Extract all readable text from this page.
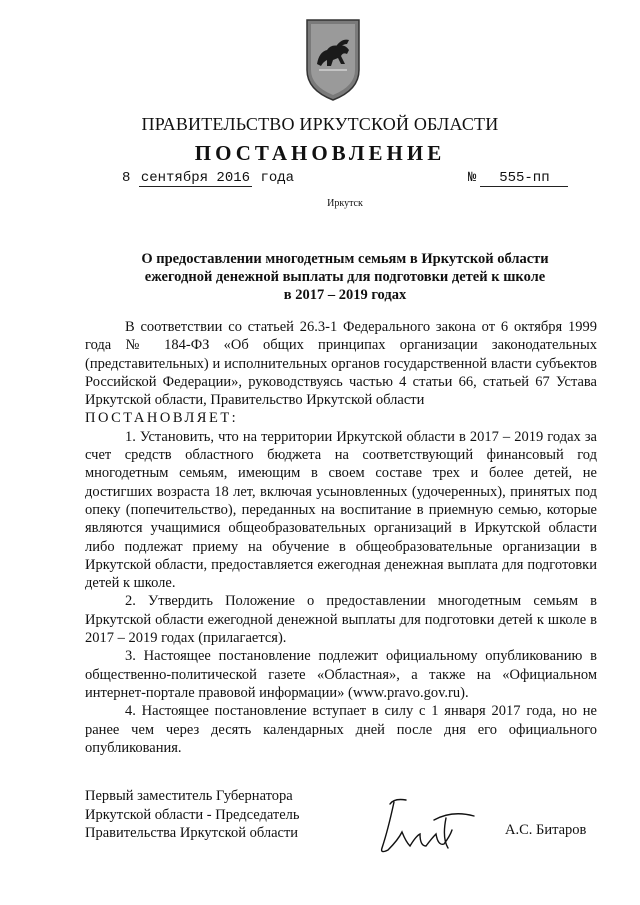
ПРАВИТЕЛЬСТВО ИРКУТСКОЙ ОБЛАСТИ
ПОСТАНОВЛЕНИЕ
8 сентября 2016 года	№ 555-пп
Иркутск
О предоставлении многодетным семьям в Иркутской области
ежегодной денежной выплаты для подготовки детей к школе
в 2017 – 2019 годах

В соответствии со статьей 26.3-1 Федерального закона от 6 октября 1999 года № 184-ФЗ «Об общих принципах организации законодательных (представительных) и исполнительных органов государственной власти субъектов Российской Федерации», руководствуясь частью 4 статьи 66, статьей 67 Устава Иркутской области, Правительство Иркутской области

ПОСТАНОВЛЯЕТ:

1. Установить, что на территории Иркутской области в 2017 – 2019 годах за счет средств областного бюджета на соответствующий финансовый год многодетным семьям, имеющим в своем составе трех и более детей, не достигших возраста 18 лет, включая усыновленных (удочеренных), принятых под опеку (попечительство), переданных на воспитание в приемную семью, которые являются учащимися общеобразовательных организаций в Иркутской области либо подлежат приему на обучение в общеобразовательные организации в Иркутской области, предоставляется ежегодная денежная выплата для подготовки детей к школе.

2. Утвердить Положение о предоставлении многодетным семьям в Иркутской области ежегодной денежной выплаты для подготовки детей к школе в 2017 – 2019 годах (прилагается).

3. Настоящее постановление подлежит официальному опубликованию в общественно-политической газете «Областная», а также на «Официальном интернет-портале правовой информации» (www.pravo.gov.ru).

4. Настоящее постановление вступает в силу с 1 января 2017 года, но не ранее чем через десять календарных дней после дня его официального опубликования.

Первый заместитель Губернатора
Иркутской области - Председатель
Правительства Иркутской области	А.С. Битаров
